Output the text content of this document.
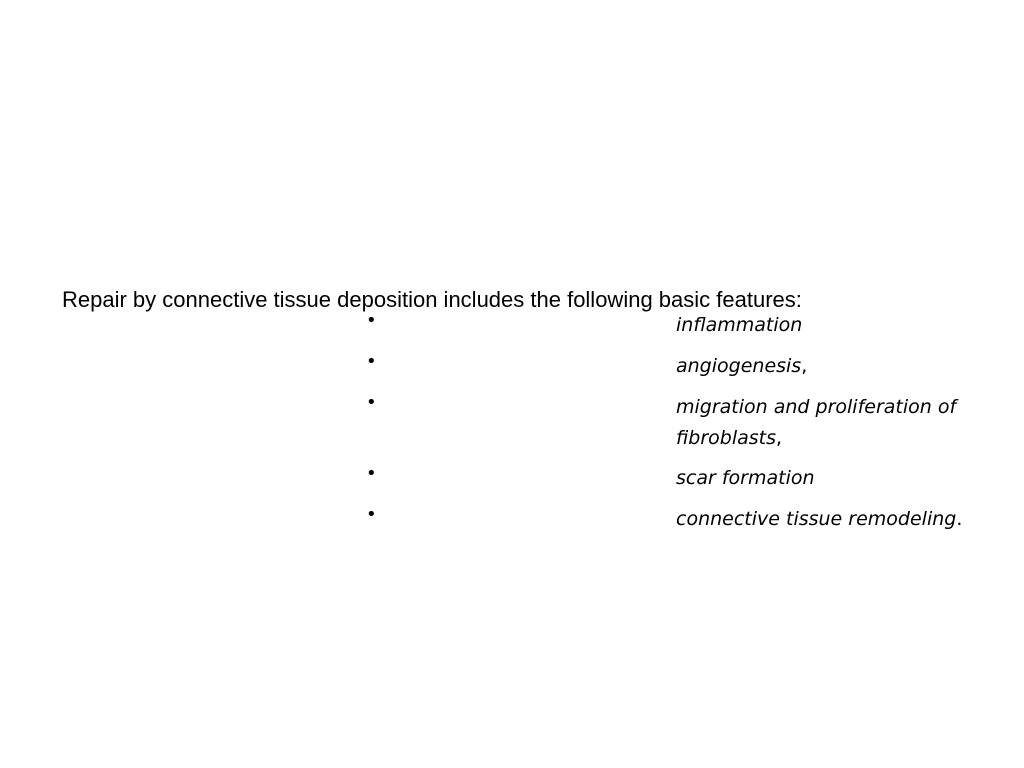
Repair by connective tissue deposition includes the following basic features:
•	inflammation
•	angiogenesis,
•	migration and proliferation of fibroblasts,
•	scar formation
•	connective tissue remodeling.
